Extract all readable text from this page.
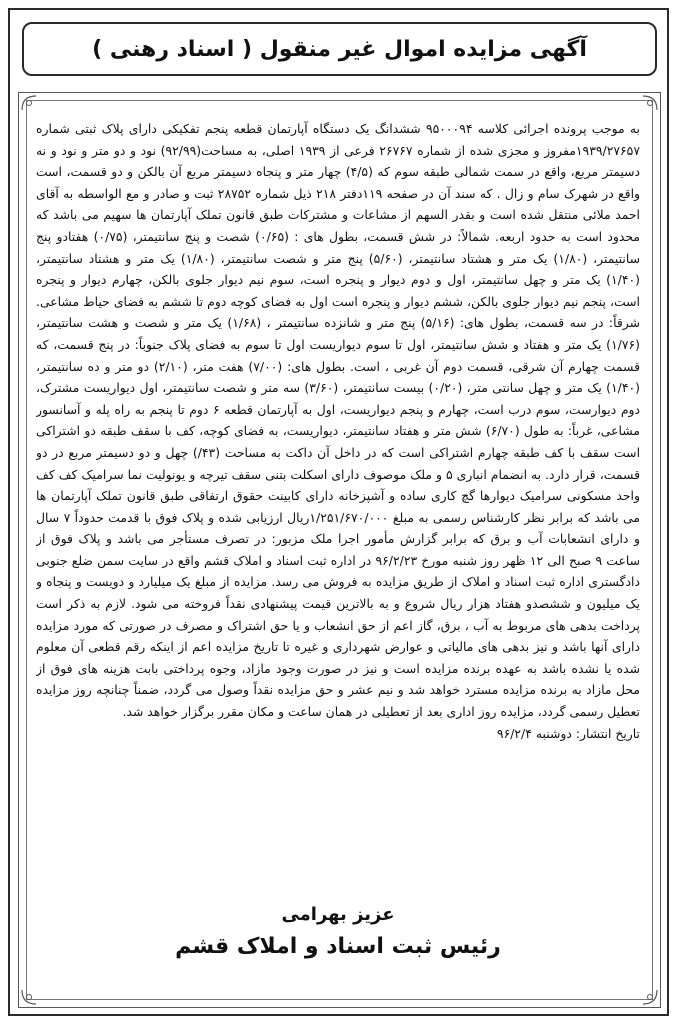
آگهی مزایده اموال غیر منقول ( اسناد رهنی )

به موجب پرونده اجرائی کلاسه ۹۵۰۰۰۹۴ ششدانگ یک دستگاه آپارتمان قطعه پنجم تفکیکی دارای پلاک ثبتی شماره ۱۹۳۹/۲۷۶۵۷مفروز و مجزی شده از شماره ۲۶۷۶۷ فرعی از ۱۹۳۹ اصلی، به مساحت(۹۲/۹۹) نود و دو متر و نود و نه دسیمتر مربع، واقع در سمت شمالی طبقه سوم که (۴/۵) چهار متر و پنجاه دسیمتر مربع آن بالکن و دو قسمت، است واقع در شهرک سام و زال . که سند آن در صفحه ۱۱۹دفتر ۲۱۸ ذیل شماره ۲۸۷۵۲ ثبت و صادر و مع الواسطه به آقای احمد ملائی منتقل شده است و بقدر السهم از مشاعات و مشترکات طبق قانون تملک آپارتمان ها سهیم می باشد که محدود است به حدود اربعه. شمالاً: در شش قسمت، بطول های : (۰/۶۵) شصت و پنج سانتیمتر، (۰/۷۵) هفتادو پنج سانتیمتر، (۱/۸۰) یک متر و هشتاد سانتیمتر، (۵/۶۰) پنج متر و شصت سانتیمتر، (۱/۸۰) یک متر و هشتاد سانتیمتر، (۱/۴۰) یک متر و چهل سانتیمتر، اول و دوم دیوار و پنجره است، سوم نیم دیوار جلوی بالکن، چهارم دیوار و پنجره است، پنجم نیم دیوار جلوی بالکن، ششم دیوار و پنجره است اول به فضای کوچه دوم تا ششم به فضای حیاط مشاعی. شرقاً: در سه قسمت، بطول های: (۵/۱۶) پنج متر و شانزده سانتیمتر ، (۱/۶۸) یک متر و شصت و هشت سانتیمتر، (۱/۷۶) یک متر و هفتاد و شش سانتیمتر، اول تا سوم دیواریست اول تا سوم به فضای پلاک جنوباً: در پنج قسمت، که قسمت چهارم آن شرقی، قسمت دوم آن غربی ، است. بطول های: (۷/۰۰) هفت متر، (۲/۱۰) دو متر و ده سانتیمتر، (۱/۴۰) یک متر و چهل سانتی متر، (۰/۲۰) بیست سانتیمتر، (۳/۶۰) سه متر و شصت سانتیمتر، اول دیواریست مشترک، دوم دیوارست، سوم درب است، چهارم و پنجم دیواریست، اول به آپارتمان قطعه ۶ دوم تا پنجم به راه پله و آسانسور مشاعی، غرباً: به طول (۶/۷۰) شش متر و هفتاد سانتیمتر، دیواریست، به فضای کوچه، کف با سقف طبقه دو اشتراکی است سقف با کف طبقه چهارم اشتراکی است که در داخل آن داکت به مساحت (۴۳/) چهل و دو دسیمتر مربع در دو قسمت، قرار دارد. به انضمام انباری ۵ و ملک موصوف دارای اسکلت بتنی سقف تیرچه و یونولیت نما سرامیک کف کف واحد مسکونی سرامیک دیوارها گچ کاری ساده و آشپزخانه دارای کابینت حقوق ارتفاقی طبق قانون تملک آپارتمان ها می باشد که برابر نظر کارشناس رسمی به مبلغ ۱/۲۵۱/۶۷۰/۰۰۰ریال ارزیابی شده و پلاک فوق با قدمت حدوداً ۷ سال و دارای انشعابات آب و برق که برابر گزارش مأمور اجرا ملک مزبور: در تصرف مستأجر می باشد و پلاک فوق از ساعت ۹ صبح الی ۱۲ ظهر روز شنبه مورخ ۹۶/۲/۲۳ در اداره ثبت اسناد و املاک قشم واقع در سایت سمن ضلع جنوبی دادگستری اداره ثبت اسناد و املاک از طریق مزایده به فروش می رسد. مزایده از مبلغ یک میلیارد و دویست و پنجاه و یک میلیون و ششصدو هفتاد هزار ریال شروع و به بالاترین قیمت پیشنهادی نقداً فروخته می شود. لازم به ذکر است پرداخت بدهی های مربوط به آب ، برق، گاز اعم از حق انشعاب و یا حق اشتراک و مصرف در صورتی که مورد مزایده دارای آنها باشد و نیز بدهی های مالیاتی و عوارض شهرداری و غیره تا تاریخ مزایده اعم از اینکه رقم قطعی آن معلوم شده یا نشده باشد به عهده برنده مزایده است و نیز در صورت وجود مازاد، وجوه پرداختی بابت هزینه های فوق از محل مازاد به برنده مزایده مسترد خواهد شد و نیم عشر و حق مزایده نقداً وصول می گردد، ضمناً چنانچه روز مزایده تعطیل رسمی گردد، مزایده روز اداری بعد از تعطیلی در همان ساعت و مکان مقرر برگزار خواهد شد.

تاریخ انتشار: دوشنبه ۹۶/۲/۴

عزیز بهرامی
رئیس ثبت اسناد و املاک قشم
